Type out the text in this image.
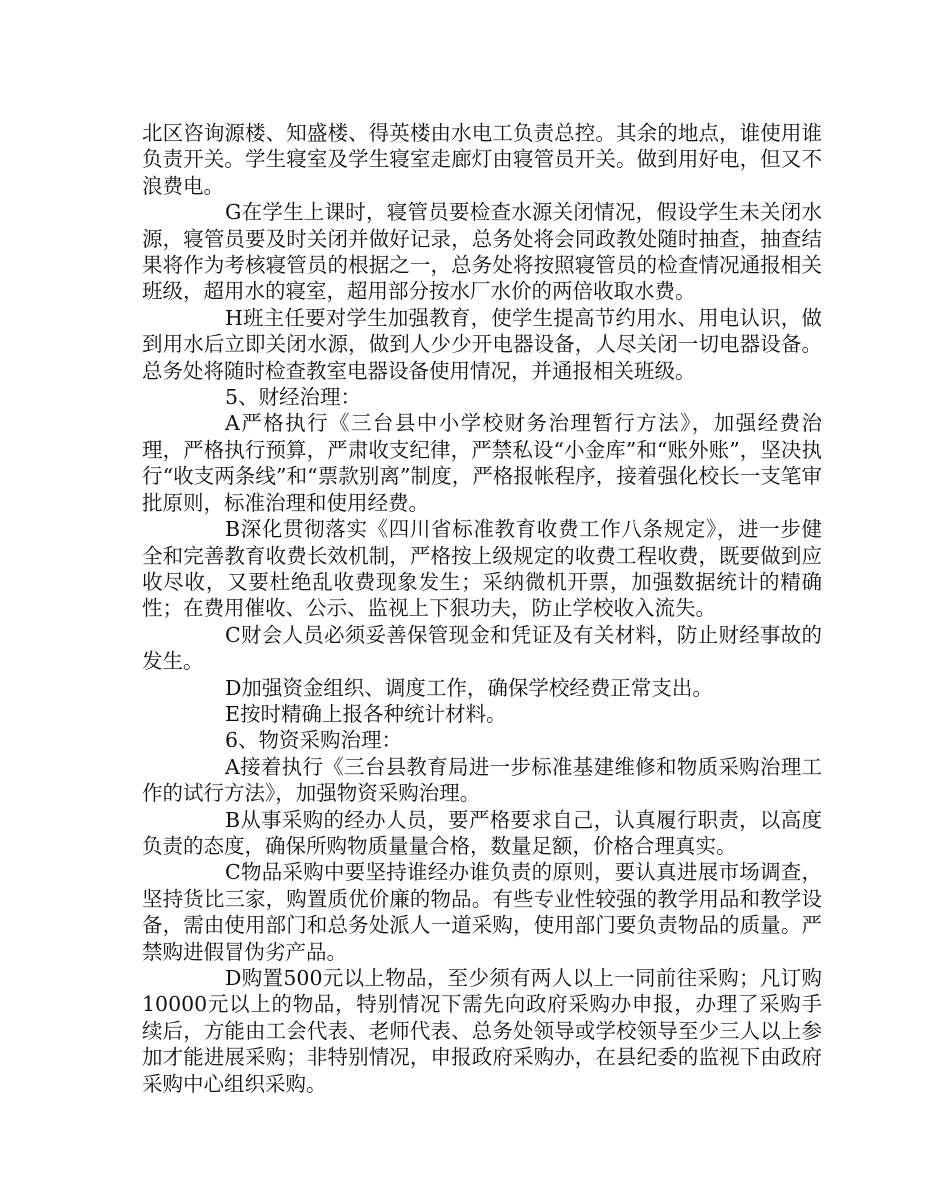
北区咨询源楼、知盛楼、得英楼由水电工负责总控。其余的地点，谁使用谁负责开关。学生寝室及学生寝室走廊灯由寝管员开关。做到用好电，但又不浪费电。

G在学生上课时，寝管员要检查水源关闭情况，假设学生未关闭水源，寝管员要及时关闭并做好记录，总务处将会同政教处随时抽查，抽查结果将作为考核寝管员的根据之一，总务处将按照寝管员的检查情况通报相关班级，超用水的寝室，超用部分按水厂水价的两倍收取水费。

H班主任要对学生加强教育，使学生提高节约用水、用电认识，做到用水后立即关闭水源，做到人少少开电器设备，人尽关闭一切电器设备。总务处将随时检查教室电器设备使用情况，并通报相关班级。

5、财经治理：

A严格执行《三台县中小学校财务治理暂行方法》，加强经费治理，严格执行预算，严肃收支纪律，严禁私设“小金库”和“账外账”，坚决执行“收支两条线”和“票款别离”制度，严格报帐程序，接着强化校长一支笔审批原则，标准治理和使用经费。

B深化贯彻落实《四川省标准教育收费工作八条规定》，进一步健全和完善教育收费长效机制，严格按上级规定的收费工程收费，既要做到应收尽收，又要杜绝乱收费现象发生；采纳微机开票，加强数据统计的精确性；在费用催收、公示、监视上下狠功夫，防止学校收入流失。

C财会人员必须妥善保管现金和凭证及有关材料，防止财经事故的发生。

D加强资金组织、调度工作，确保学校经费正常支出。

E按时精确上报各种统计材料。

6、物资采购治理：

A接着执行《三台县教育局进一步标准基建维修和物质采购治理工作的试行方法》，加强物资采购治理。

B从事采购的经办人员，要严格要求自己，认真履行职责，以高度负责的态度，确保所购物质量量合格，数量足额，价格合理真实。

C物品采购中要坚持谁经办谁负责的原则，要认真进展市场调查，坚持货比三家，购置质优价廉的物品。有些专业性较强的教学用品和教学设备，需由使用部门和总务处派人一道采购，使用部门要负责物品的质量。严禁购进假冒伪劣产品。

D购置500元以上物品，至少须有两人以上一同前往采购；凡订购10000元以上的物品，特别情况下需先向政府采购办申报，办理了采购手续后，方能由工会代表、老师代表、总务处领导或学校领导至少三人以上参加才能进展采购；非特别情况，申报政府采购办，在县纪委的监视下由政府采购中心组织采购。
